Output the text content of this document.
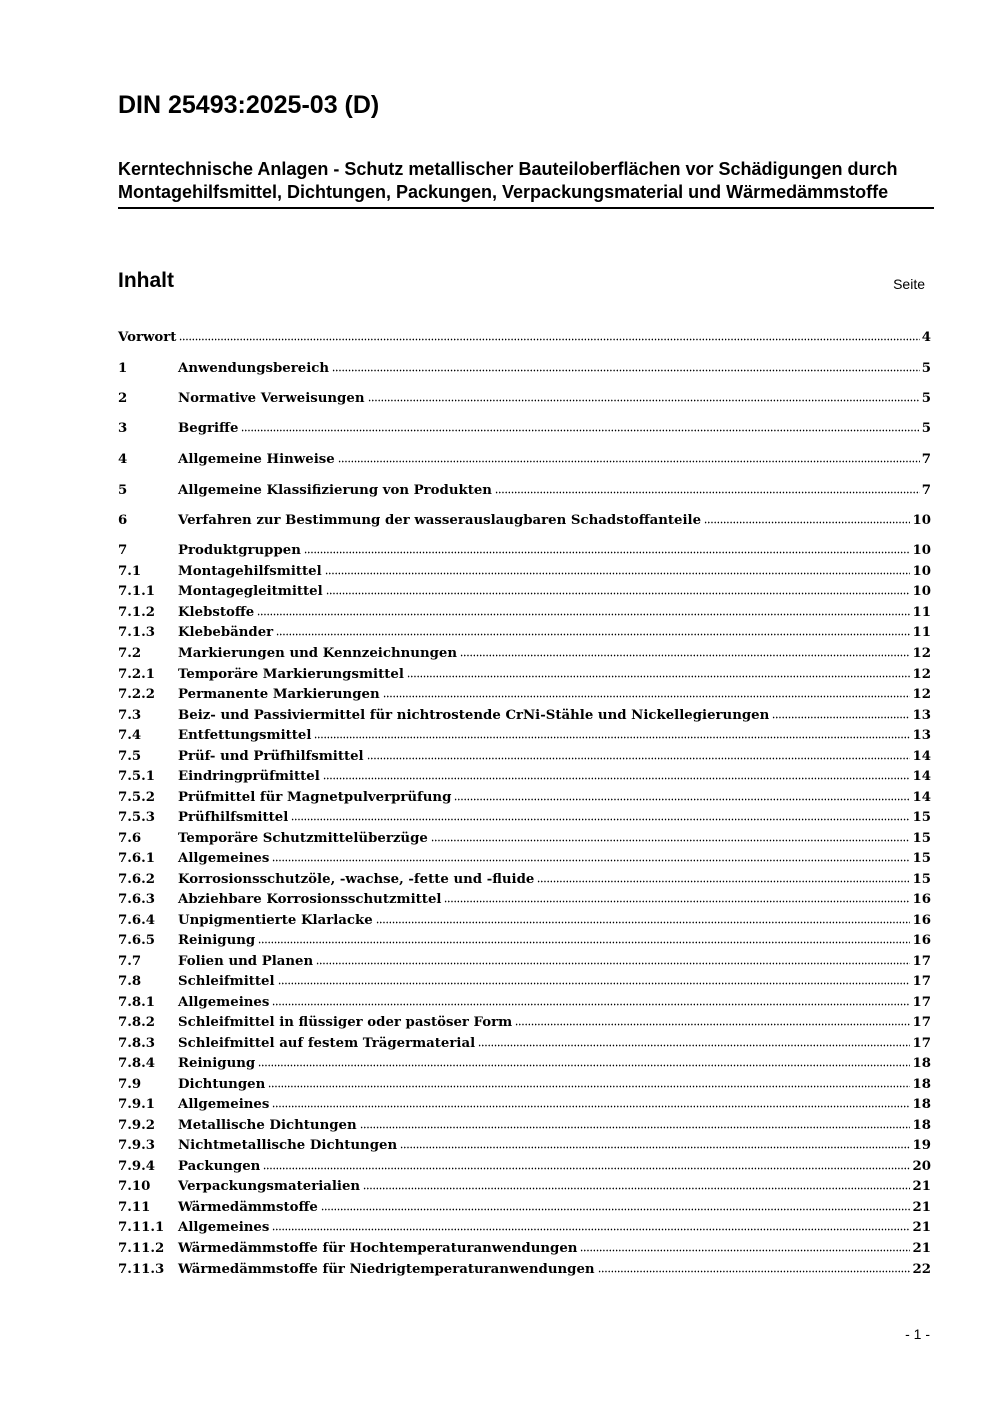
DIN 25493:2025-03 (D)
Kerntechnische Anlagen - Schutz metallischer Bauteiloberflächen vor Schädigungen durch Montagehilfsmittel, Dichtungen, Packungen, Verpackungsmaterial und Wärmedämmstoffe
Inhalt	Seite
Vorwort	4
1	Anwendungsbereich	5
2	Normative Verweisungen	5
3	Begriffe	5
4	Allgemeine Hinweise	7
5	Allgemeine Klassifizierung von Produkten	7
6	Verfahren zur Bestimmung der wasserauslaugbaren Schadstoffanteile	10
7	Produktgruppen	10
7.1	Montagehilfsmittel	10
7.1.1	Montagegleitmittel	10
7.1.2	Klebstoffe	11
7.1.3	Klebebänder	11
7.2	Markierungen und Kennzeichnungen	12
7.2.1	Temporäre Markierungsmittel	12
7.2.2	Permanente Markierungen	12
7.3	Beiz- und Passiviermittel für nichtrostende CrNi-Stähle und Nickellegierungen	13
7.4	Entfettungsmittel	13
7.5	Prüf- und Prüfhilfsmittel	14
7.5.1	Eindringprüfmittel	14
7.5.2	Prüfmittel für Magnetpulverprüfung	14
7.5.3	Prüfhilfsmittel	15
7.6	Temporäre Schutzmittelüberzüge	15
7.6.1	Allgemeines	15
7.6.2	Korrosionsschutzöle, -wachse, -fette und -fluide	15
7.6.3	Abziehbare Korrosionsschutzmittel	16
7.6.4	Unpigmentierte Klarlacke	16
7.6.5	Reinigung	16
7.7	Folien und Planen	17
7.8	Schleifmittel	17
7.8.1	Allgemeines	17
7.8.2	Schleifmittel in flüssiger oder pastöser Form	17
7.8.3	Schleifmittel auf festem Trägermaterial	17
7.8.4	Reinigung	18
7.9	Dichtungen	18
7.9.1	Allgemeines	18
7.9.2	Metallische Dichtungen	18
7.9.3	Nichtmetallische Dichtungen	19
7.9.4	Packungen	20
7.10	Verpackungsmaterialien	21
7.11	Wärmedämmstoffe	21
7.11.1	Allgemeines	21
7.11.2	Wärmedämmstoffe für Hochtemperaturanwendungen	21
7.11.3	Wärmedämmstoffe für Niedrigtemperaturanwendungen	22
- 1 -
